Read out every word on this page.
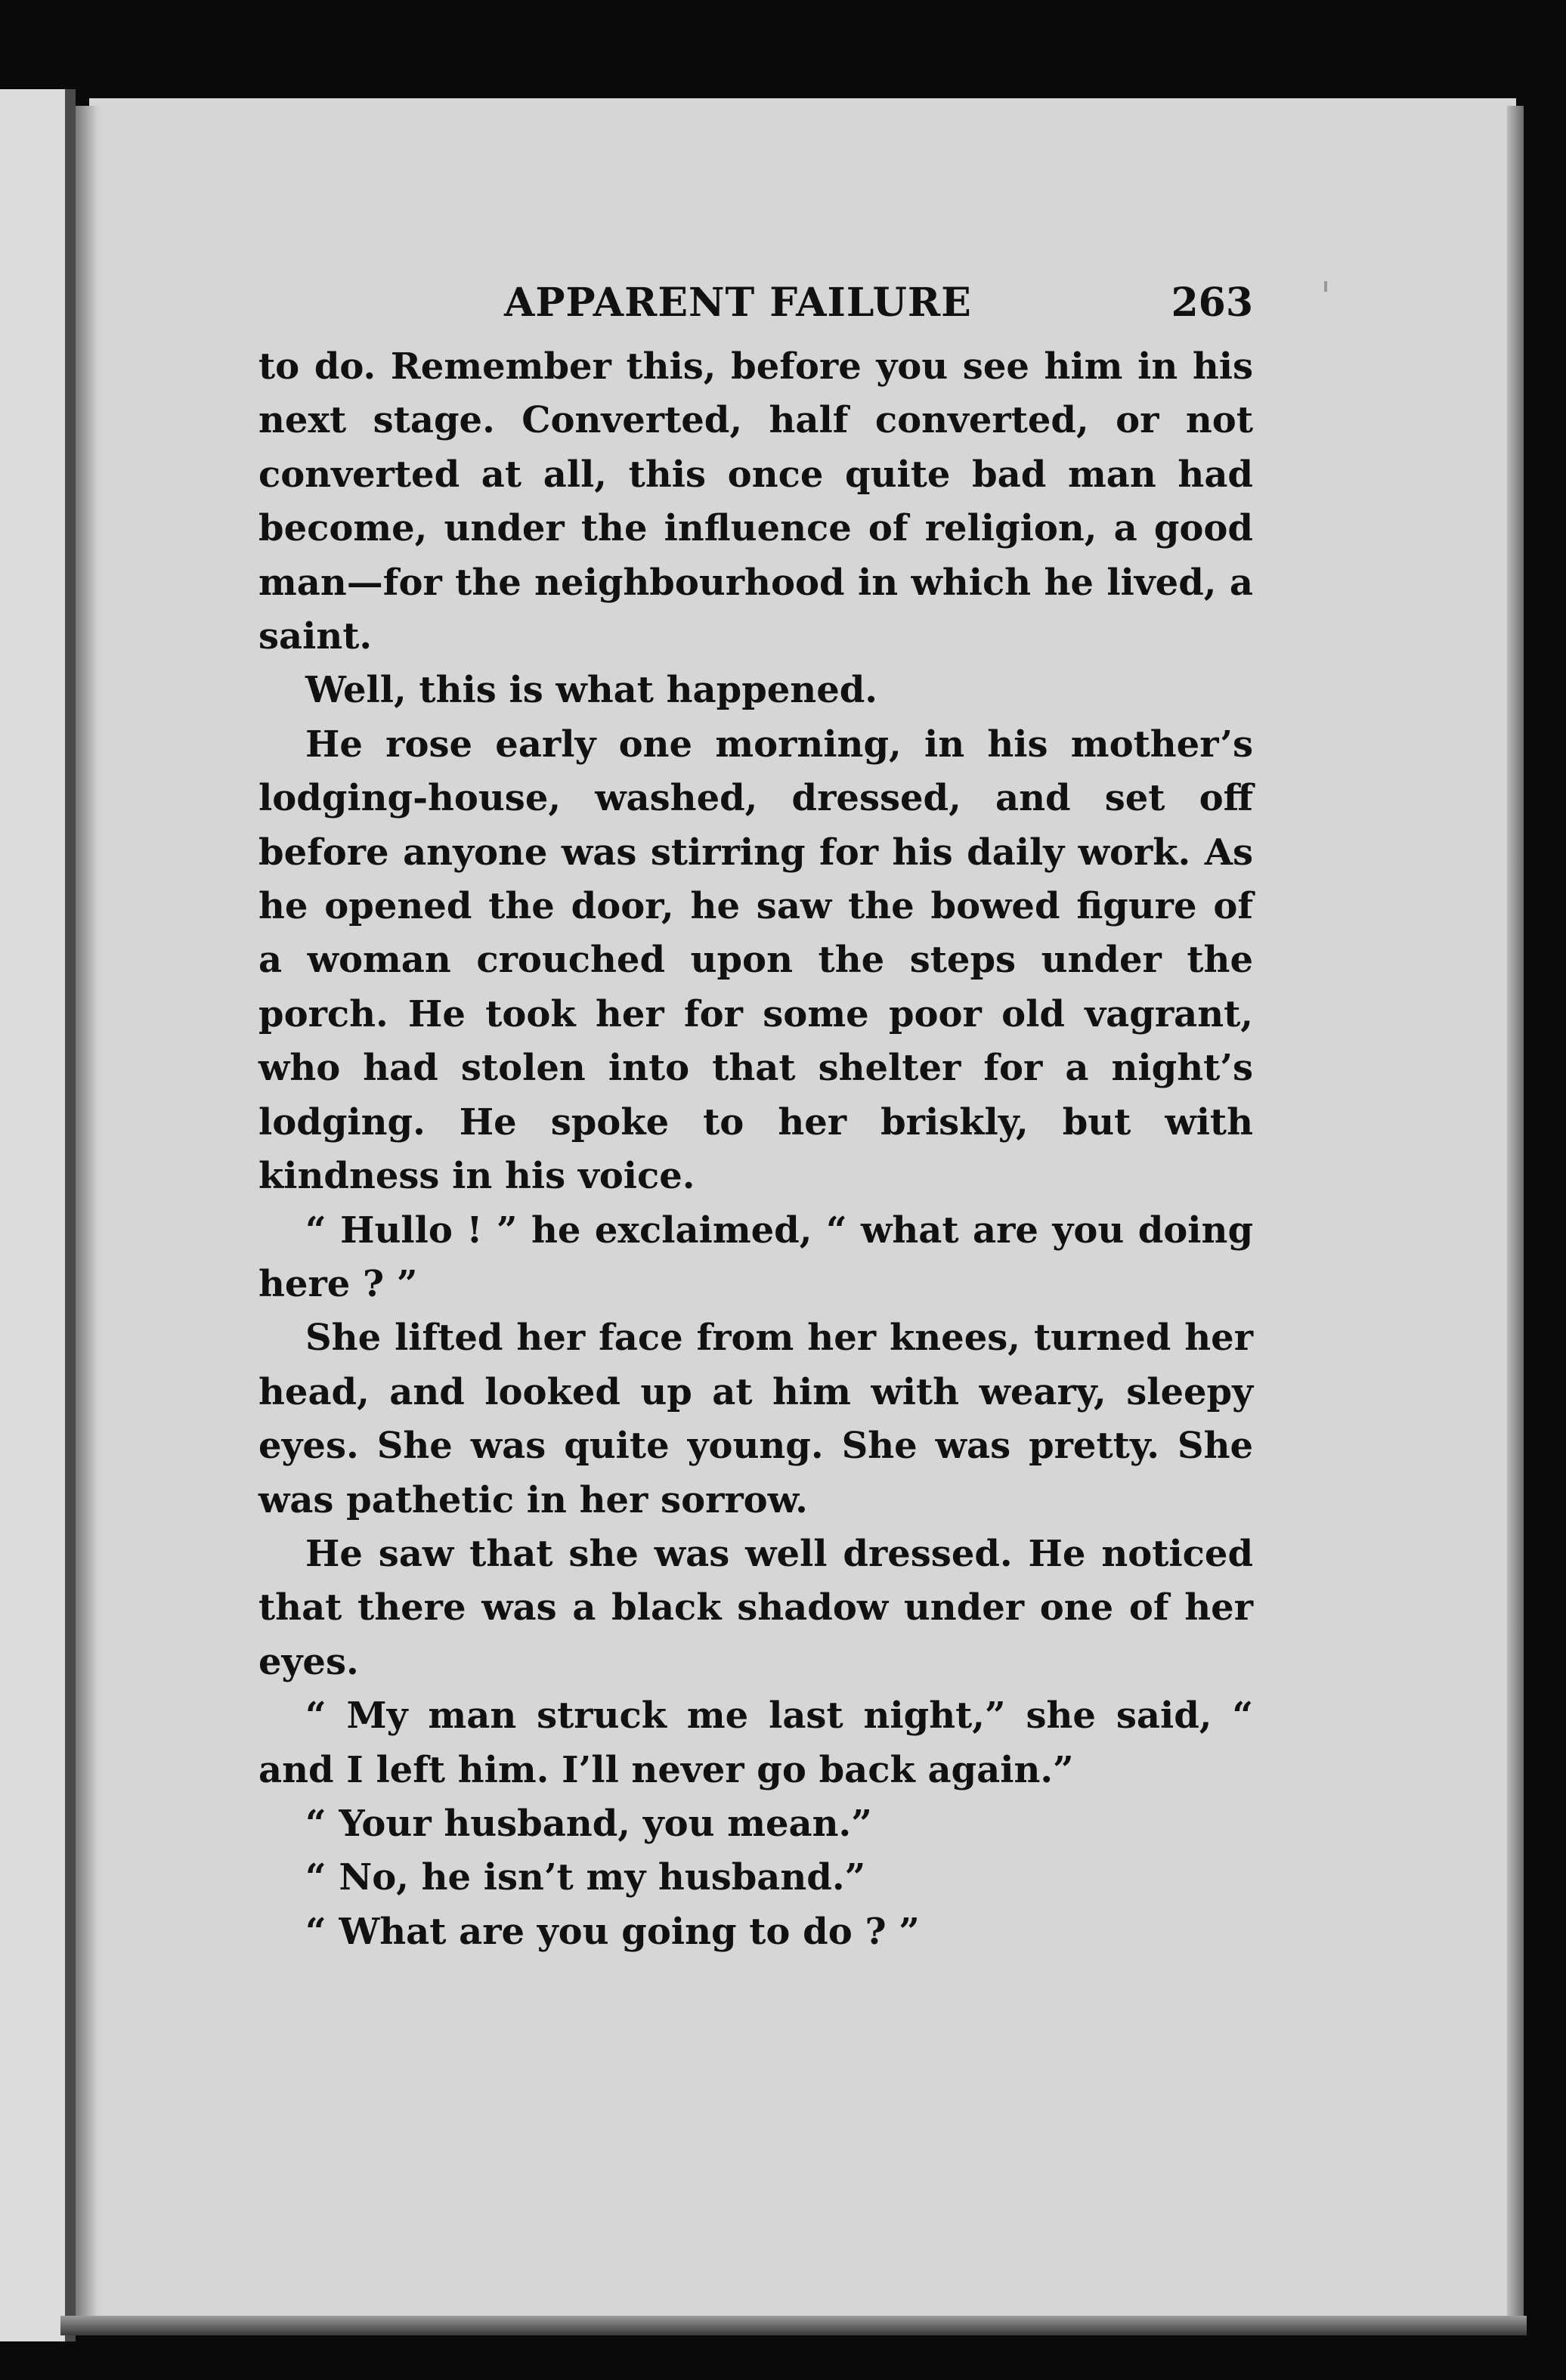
APPARENT FAILURE	263

to do. Remember this, before you see him in his next stage. Converted, half converted, or not converted at all, this once quite bad man had become, under the influence of religion, a good man—for the neighbourhood in which he lived, a saint.

Well, this is what happened.

He rose early one morning, in his mother’s lodging-house, washed, dressed, and set off before anyone was stirring for his daily work. As he opened the door, he saw the bowed figure of a woman crouched upon the steps under the porch. He took her for some poor old vagrant, who had stolen into that shelter for a night’s lodging. He spoke to her briskly, but with kindness in his voice.

“ Hullo ! ” he exclaimed, “ what are you doing here ? ”

She lifted her face from her knees, turned her head, and looked up at him with weary, sleepy eyes. She was quite young. She was pretty. She was pathetic in her sorrow.

He saw that she was well dressed. He noticed that there was a black shadow under one of her eyes.

“ My man struck me last night,” she said, “ and I left him. I’ll never go back again.”

“ Your husband, you mean.”

“ No, he isn’t my husband.”

“ What are you going to do ? ”
